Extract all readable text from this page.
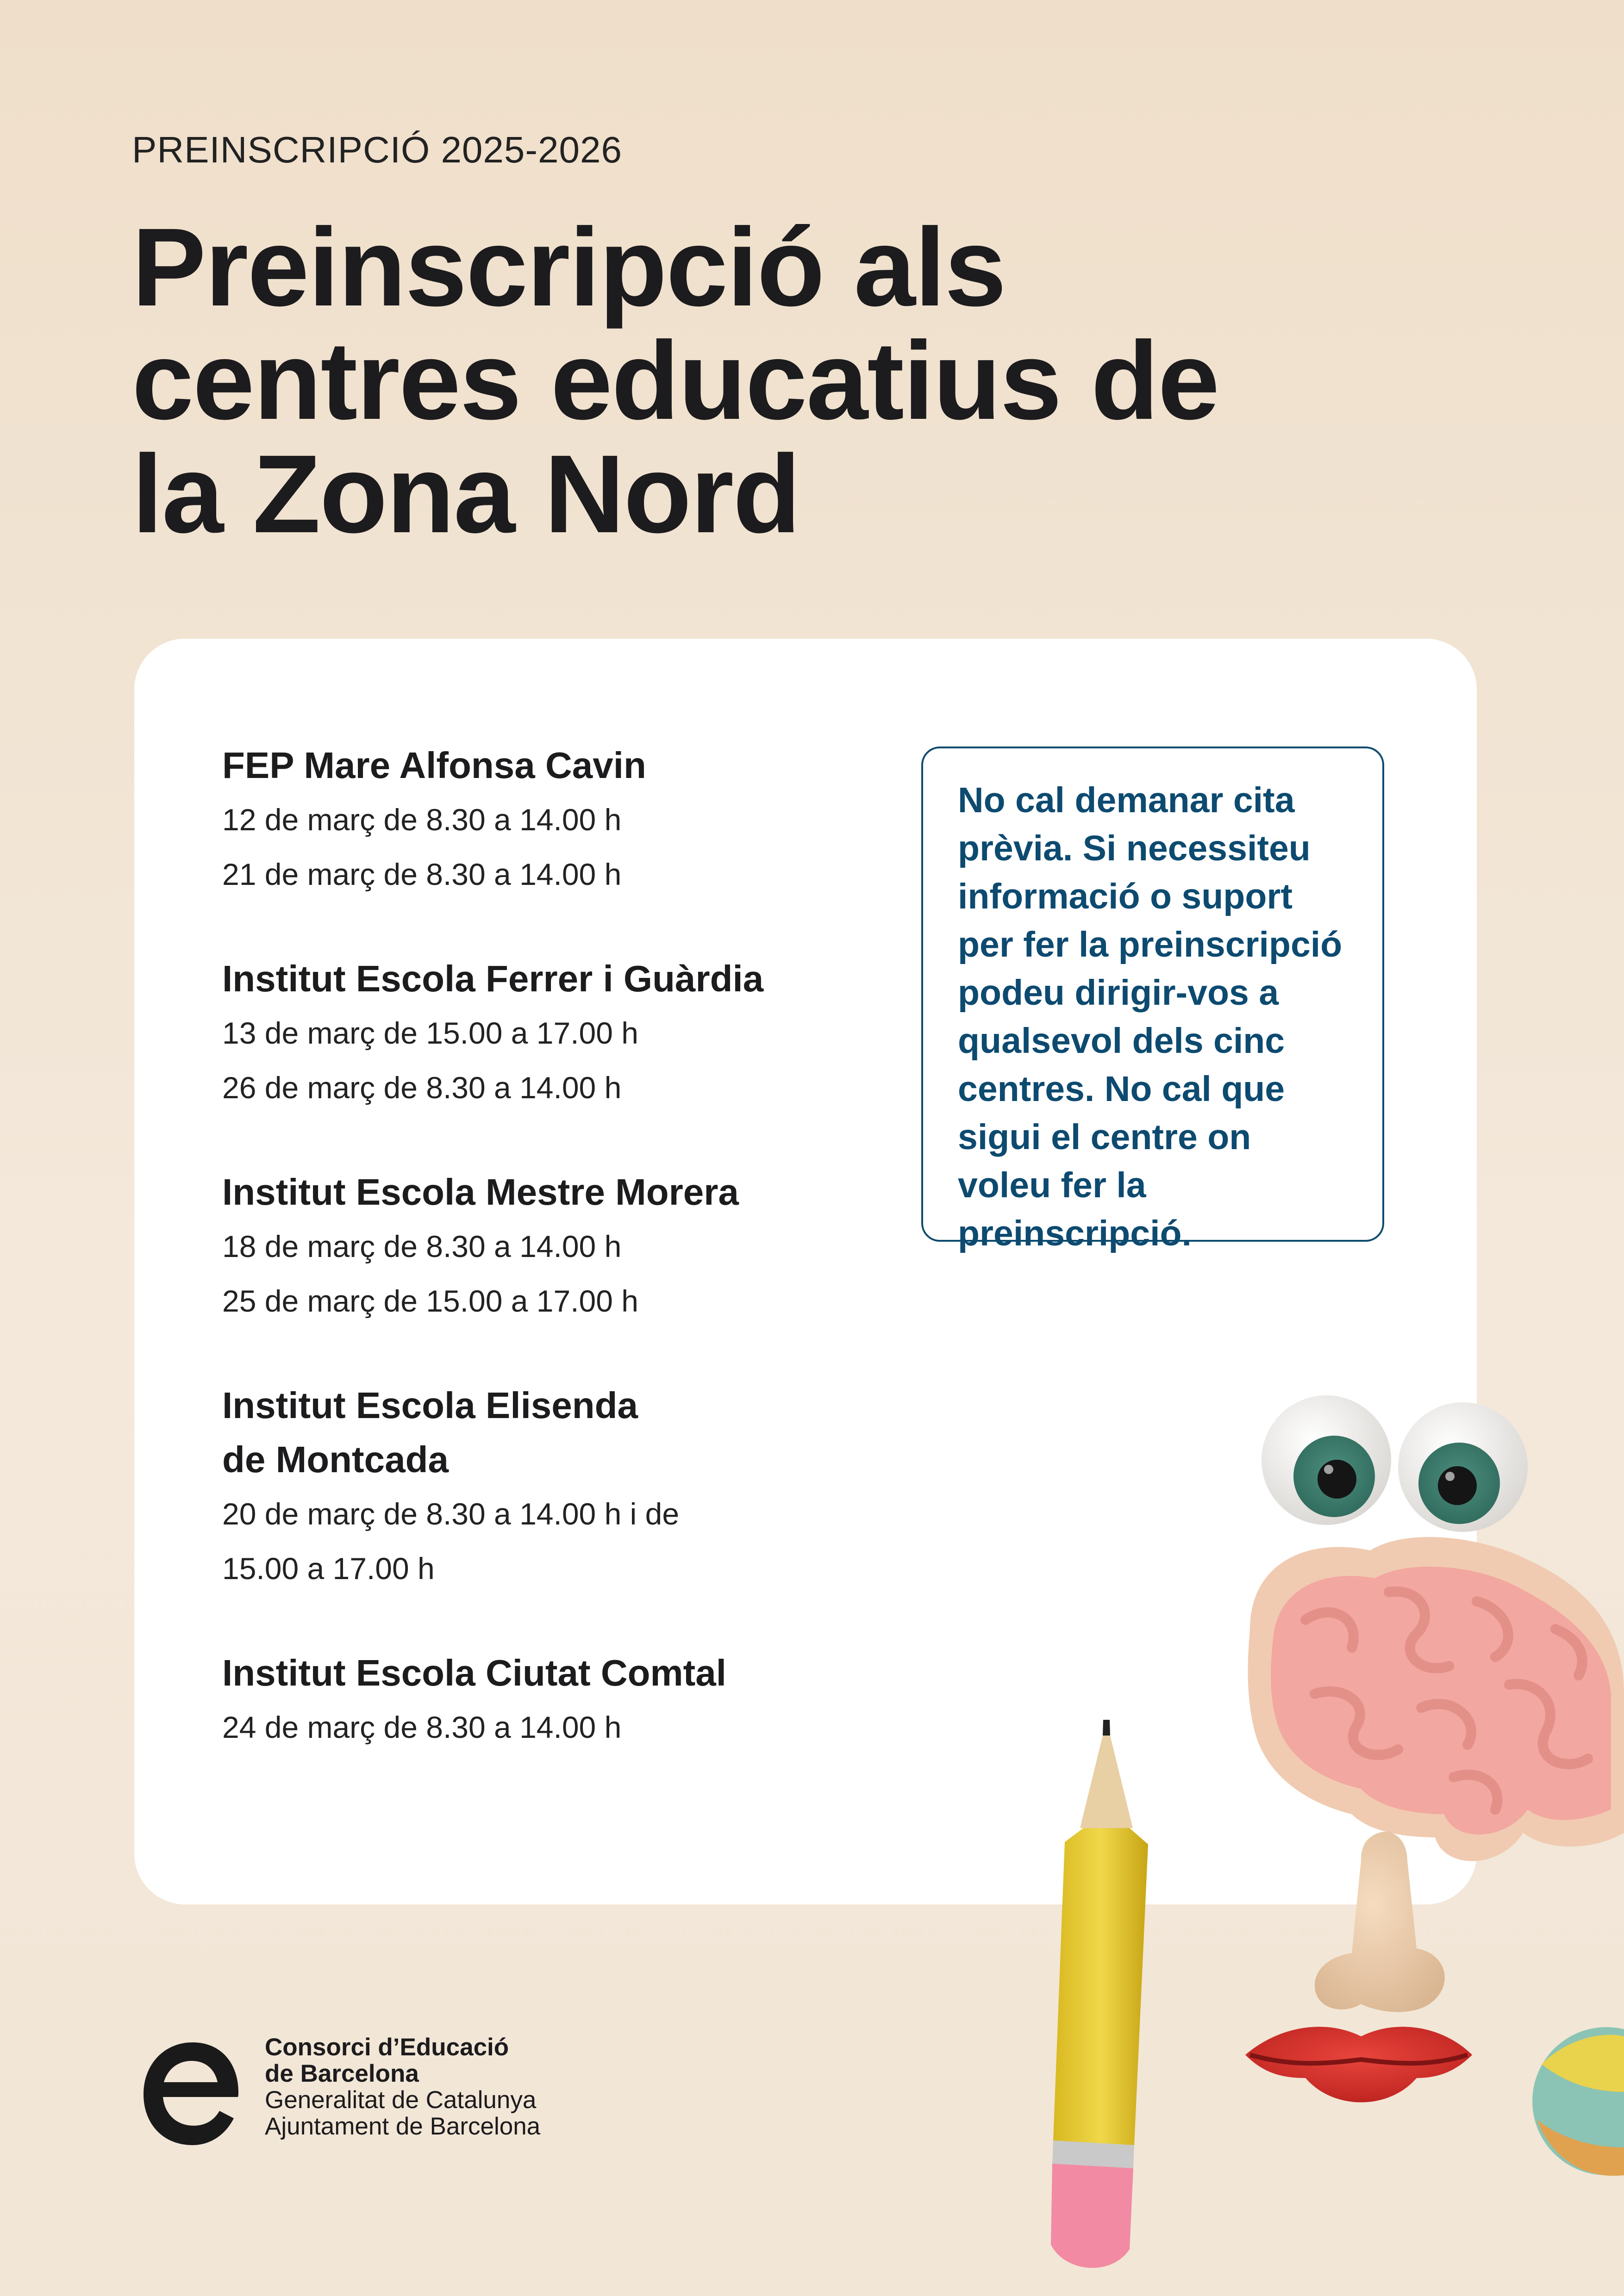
PREINSCRIPCIÓ 2025-2026
Preinscripció als
centres educatius de
la Zona Nord
FEP Mare Alfonsa Cavin
12 de març de 8.30 a 14.00 h
21 de març de 8.30 a 14.00 h
Institut Escola Ferrer i Guàrdia
13 de març de 15.00 a 17.00 h
26 de març de 8.30 a 14.00 h
Institut Escola Mestre Morera
18 de març de 8.30 a 14.00 h
25 de març de 15.00 a 17.00 h
Institut Escola Elisenda
de Montcada
20 de març de 8.30 a 14.00 h i de
15.00 a 17.00 h
Institut Escola Ciutat Comtal
24 de març de 8.30 a 14.00 h

No cal demanar cita prèvia. Si necessiteu informació o suport per fer la preinscripció podeu dirigir-vos a qualsevol dels cinc centres. No cal que sigui el centre on voleu fer la preinscripció.

Consorci d’Educació
de Barcelona
Generalitat de Catalunya
Ajuntament de Barcelona
